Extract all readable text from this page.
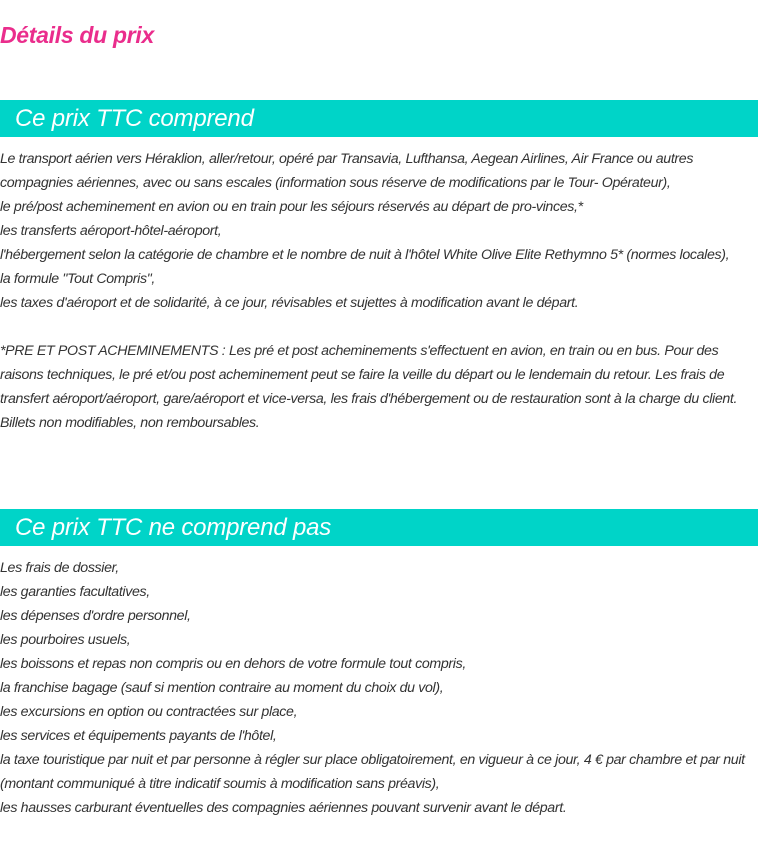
Détails du prix
Ce prix TTC comprend
Le transport aérien vers Héraklion, aller/retour, opéré par Transavia, Lufthansa, Aegean Airlines, Air France ou autres compagnies aériennes, avec ou sans escales (information sous réserve de modifications par le Tour- Opérateur),
le pré/post acheminement en avion ou en train pour les séjours réservés au départ de pro-vinces,*
les transferts aéroport-hôtel-aéroport,
l'hébergement selon la catégorie de chambre et le nombre de nuit à l'hôtel White Olive Elite Rethymno 5* (normes locales),
la formule "Tout Compris",
les taxes d'aéroport et de solidarité, à ce jour, révisables et sujettes à modification avant le départ.
*PRE ET POST ACHEMINEMENTS : Les pré et post acheminements s'effectuent en avion, en train ou en bus. Pour des raisons techniques, le pré et/ou post acheminement peut se faire la veille du départ ou le lendemain du retour. Les frais de transfert aéroport/aéroport, gare/aéroport et vice-versa, les frais d'hébergement ou de restauration sont à la charge du client. Billets non modifiables, non remboursables.
Ce prix TTC ne comprend pas
Les frais de dossier,
les garanties facultatives,
les dépenses d'ordre personnel,
les pourboires usuels,
les boissons et repas non compris ou en dehors de votre formule tout compris,
la franchise bagage (sauf si mention contraire au moment du choix du vol),
les excursions en option ou contractées sur place,
les services et équipements payants de l'hôtel,
la taxe touristique par nuit et par personne à régler sur place obligatoirement, en vigueur à ce jour, 4 € par chambre et par nuit (montant communiqué à titre indicatif soumis à modification sans préavis),
les hausses carburant éventuelles des compagnies aériennes pouvant survenir avant le départ.
